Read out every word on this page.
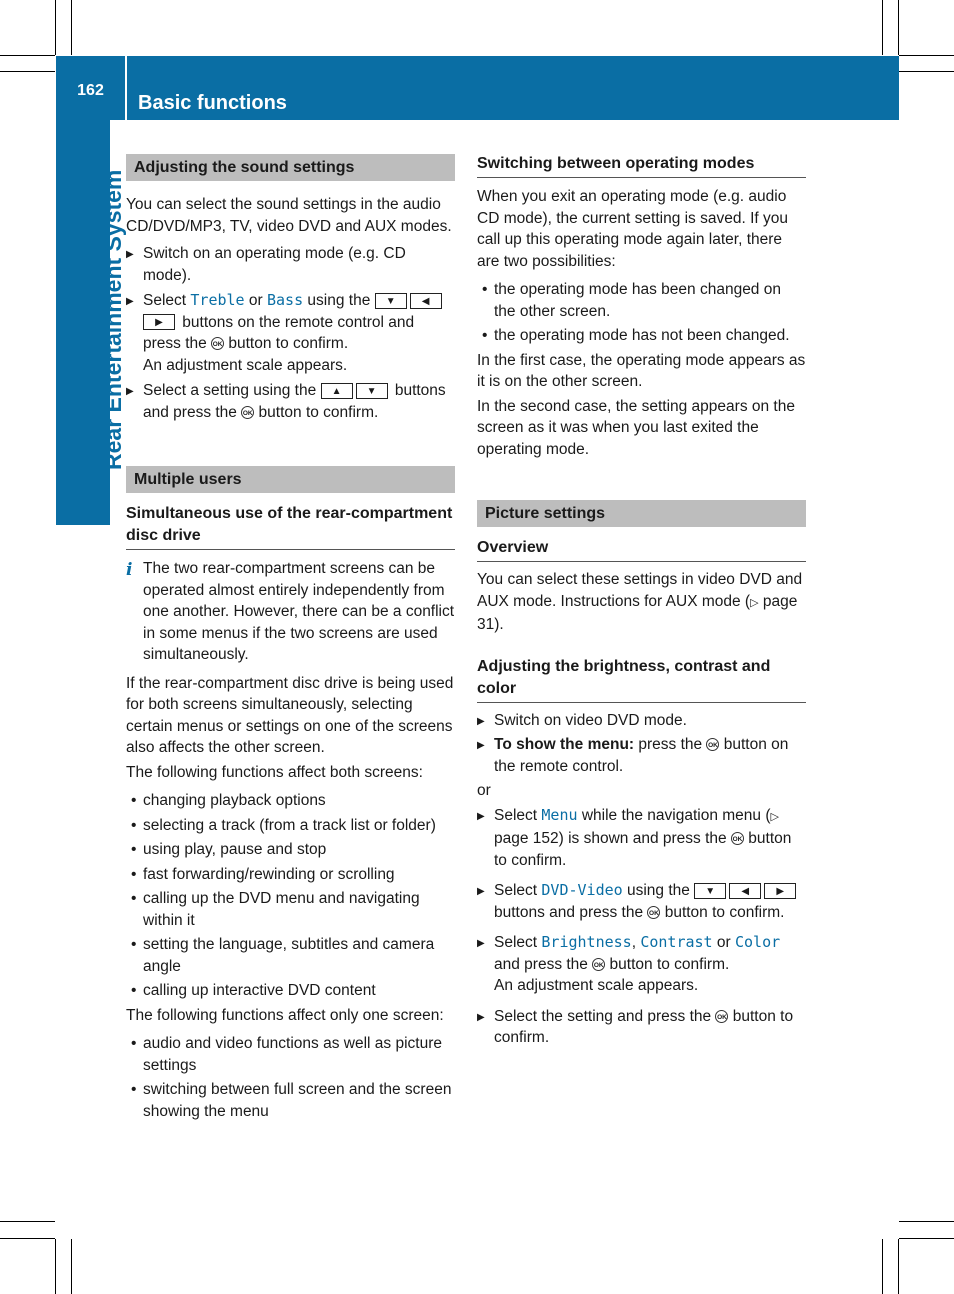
162
Basic functions
Rear Entertainment System
Adjusting the sound settings

You can select the sound settings in the audio CD/DVD/MP3, TV, video DVD and AUX modes.

▶ Switch on an operating mode (e.g. CD mode).

▶ Select Treble or Bass using the ▼	◀▶ buttons on the remote control and press the OK button to confirm.
An adjustment scale appears.

▶ Select a setting using the ▲	▼ buttons and press the OK button to confirm.

Multiple users
Simultaneous use of the rear-compartment disc drive

i The two rear-compartment screens can be operated almost entirely independently from one another. However, there can be a conflict in some menus if the two screens are used simultaneously.

If the rear-compartment disc drive is being used for both screens simultaneously, selecting certain menus or settings on one of the screens also affects the other screen.

The following functions affect both screens:

• changing playback options

• selecting a track (from a track list or folder)

• using play, pause and stop

• fast forwarding/rewinding or scrolling

• calling up the DVD menu and navigating within it

• setting the language, subtitles and camera angle

• calling up interactive DVD content

The following functions affect only one screen:

• audio and video functions as well as picture settings

• switching between full screen and the screen showing the menu

Switching between operating modes

When you exit an operating mode (e.g. audio CD mode), the current setting is saved. If you call up this operating mode again later, there are two possibilities:

• the operating mode has been changed on the other screen.

• the operating mode has not been changed.

In the first case, the operating mode appears as it is on the other screen.

In the second case, the setting appears on the screen as it was when you last exited the operating mode.

Picture settings
Overview

You can select these settings in video DVD and AUX mode. Instructions for AUX mode (▷ page 31).

Adjusting the brightness, contrast and color

▶ Switch on video DVD mode.

▶ To show the menu: press the OK button on the remote control.

or

▶ Select Menu while the navigation menu (▷ page 152) is shown and press the OK button to confirm.

▶ Select DVD-Video using the ▼	◀	▶ buttons and press the OK button to confirm.

▶ Select Brightness, Contrast or Color and press the OK button to confirm.
An adjustment scale appears.

▶ Select the setting and press the OK button to confirm.
